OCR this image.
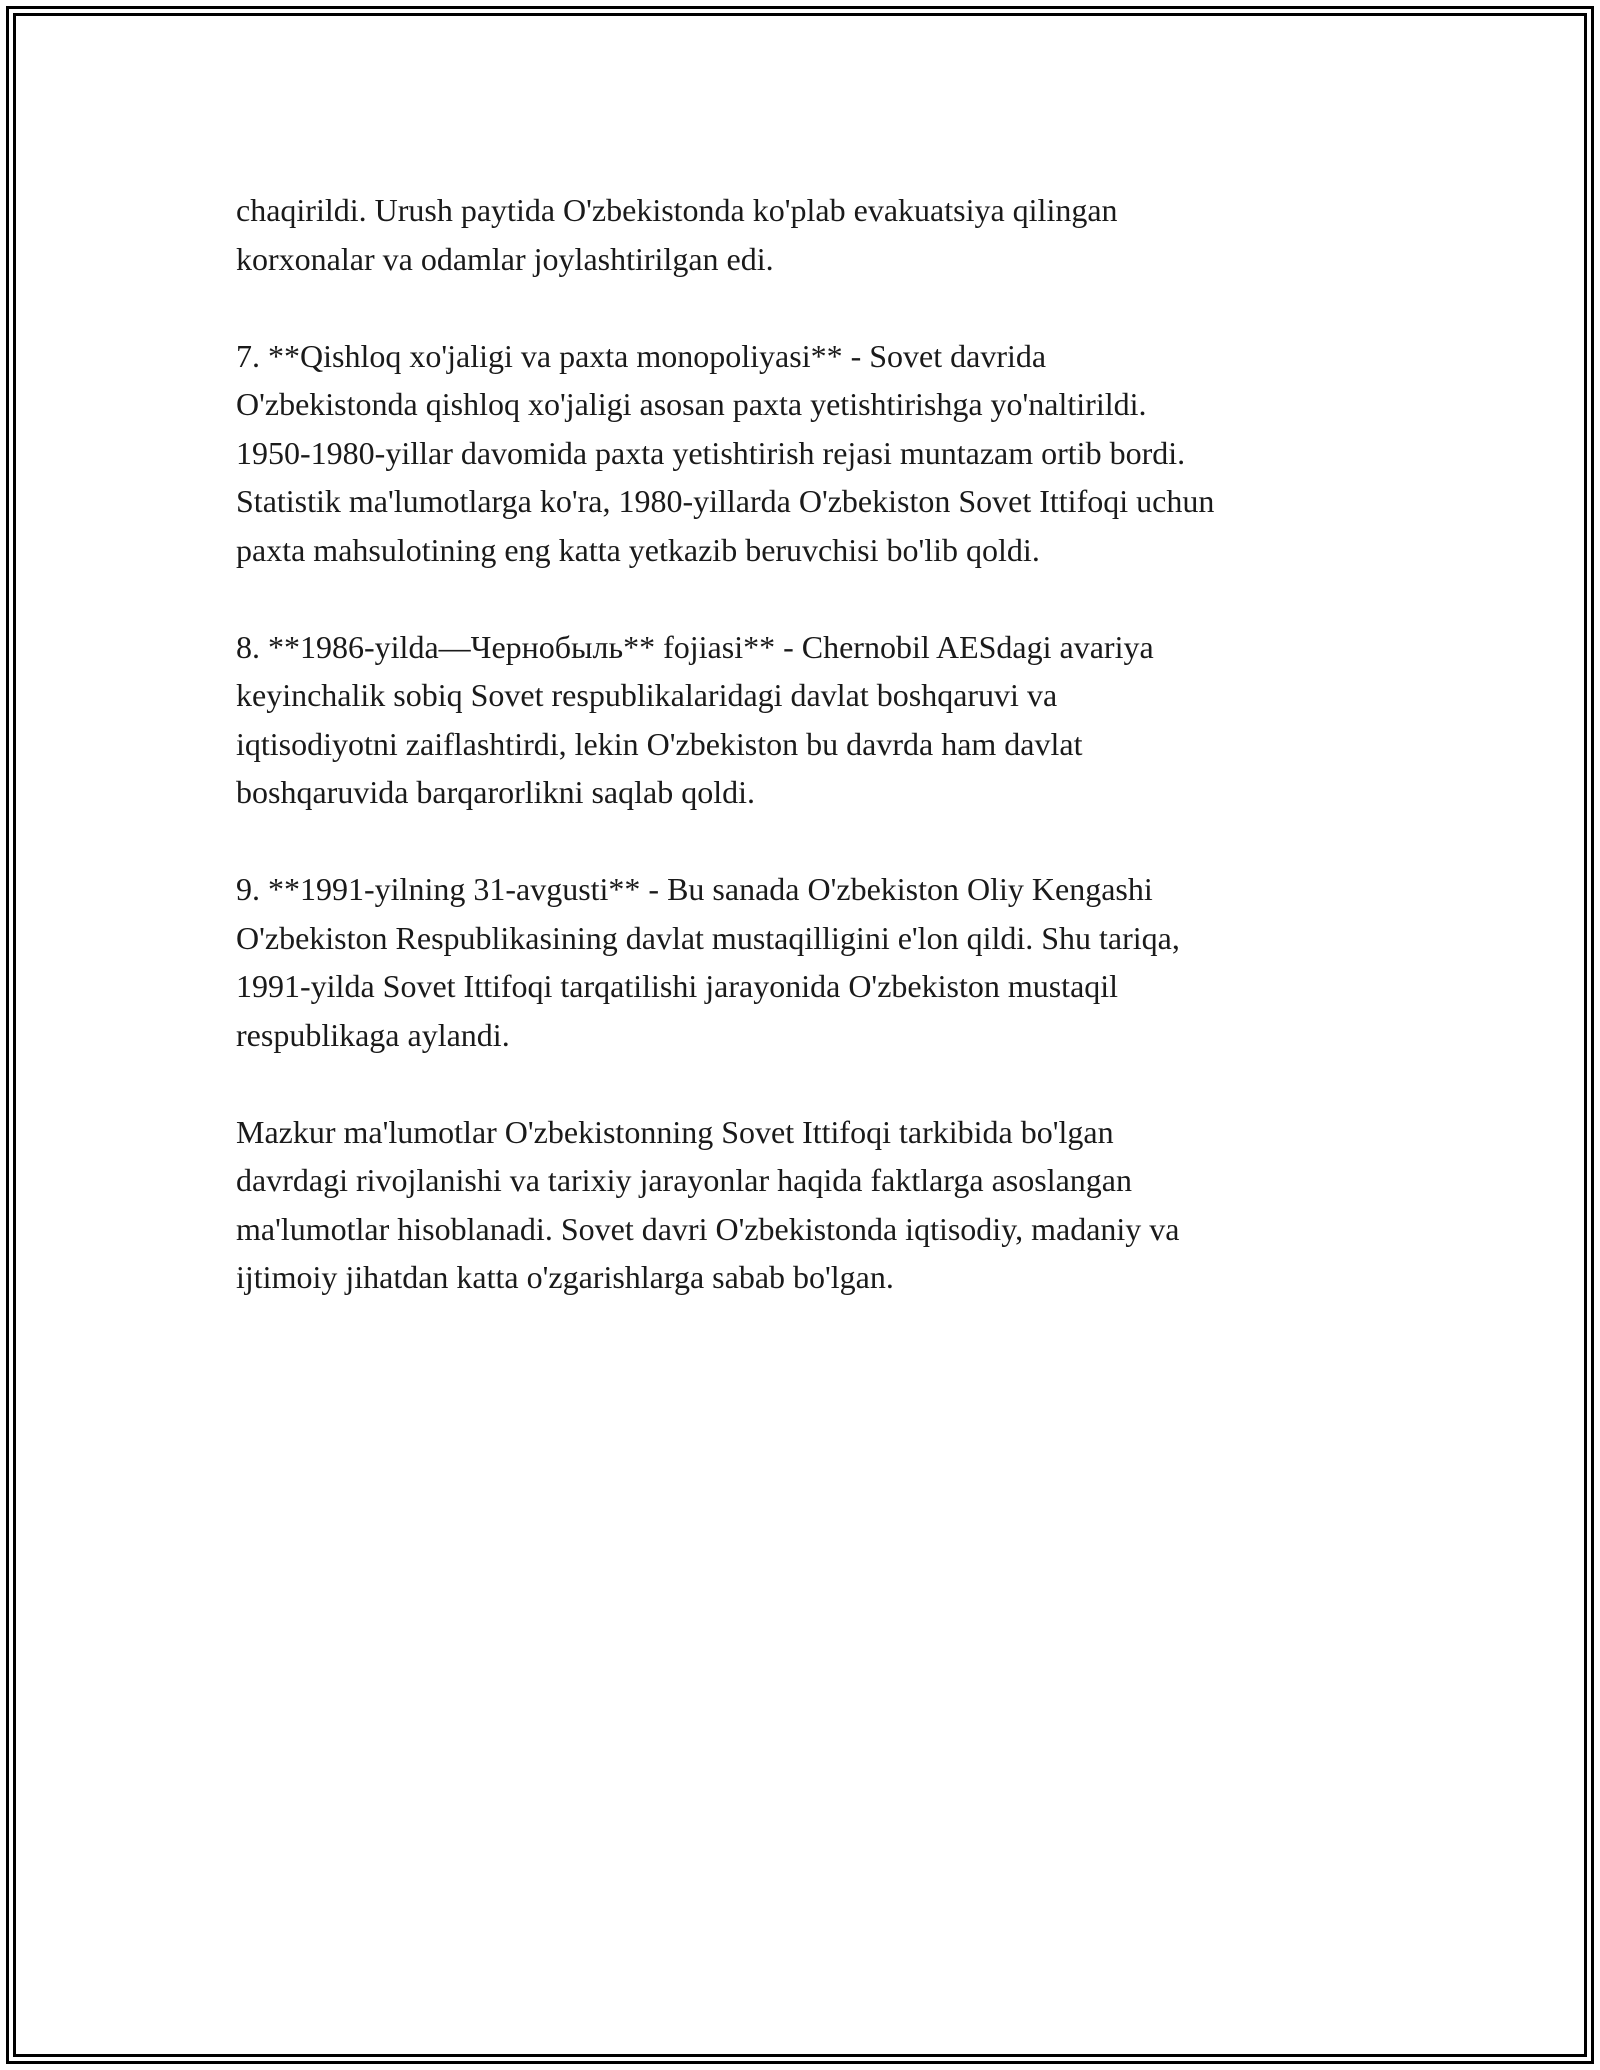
chaqirildi. Urush paytida O'zbekistonda ko'plab evakuatsiya qilingan
korxonalar va odamlar joylashtirilgan edi.

7. **Qishloq xo'jaligi va paxta monopoliyasi** - Sovet davrida
O'zbekistonda qishloq xo'jaligi asosan paxta yetishtirishga yo'naltirildi.
1950-1980-yillar davomida paxta yetishtirish rejasi muntazam ortib bordi.
Statistik ma'lumotlarga ko'ra, 1980-yillarda O'zbekiston Sovet Ittifoqi uchun
paxta mahsulotining eng katta yetkazib beruvchisi bo'lib qoldi.

8. **1986-yilda—Чернобыль** fojiasi** - Chernobil AESdagi avariya
keyinchalik sobiq Sovet respublikalaridagi davlat boshqaruvi va
iqtisodiyotni zaiflashtirdi, lekin O'zbekiston bu davrda ham davlat
boshqaruvida barqarorlikni saqlab qoldi.

9. **1991-yilning 31-avgusti** - Bu sanada O'zbekiston Oliy Kengashi
O'zbekiston Respublikasining davlat mustaqilligini e'lon qildi. Shu tariqa,
1991-yilda Sovet Ittifoqi tarqatilishi jarayonida O'zbekiston mustaqil
respublikaga aylandi.

Mazkur ma'lumotlar O'zbekistonning Sovet Ittifoqi tarkibida bo'lgan
davrdagi rivojlanishi va tarixiy jarayonlar haqida faktlarga asoslangan
ma'lumotlar hisoblanadi. Sovet davri O'zbekistonda iqtisodiy, madaniy va
ijtimoiy jihatdan katta o'zgarishlarga sabab bo'lgan.
